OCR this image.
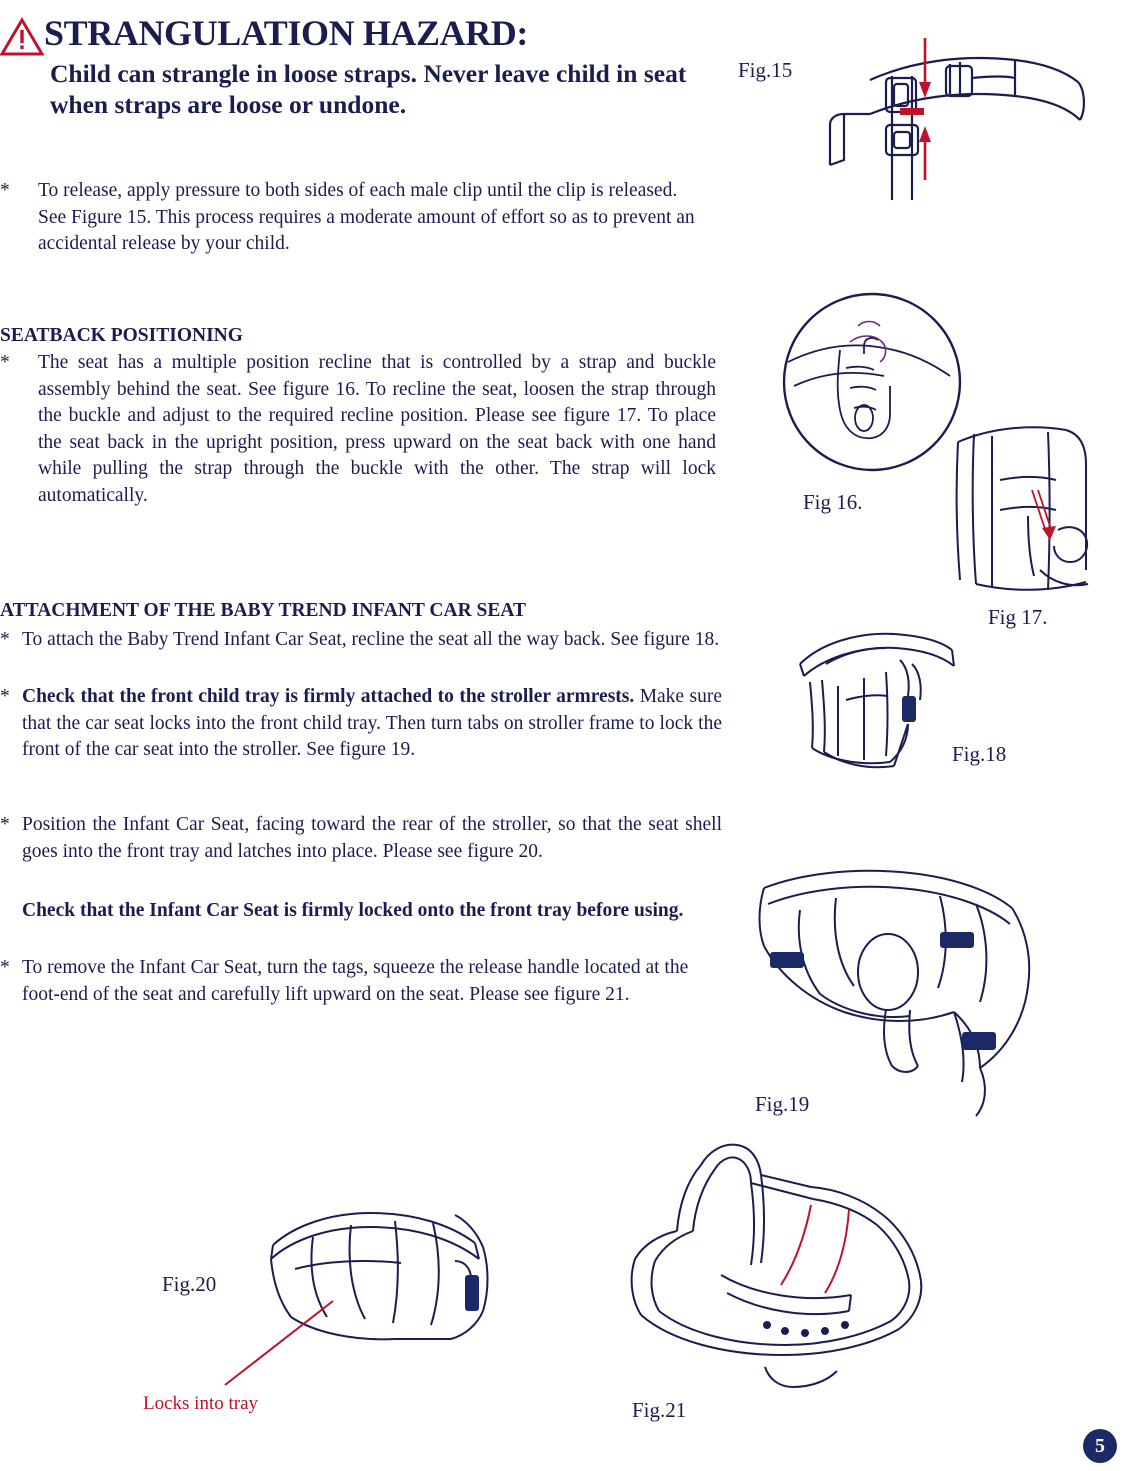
STRANGULATION HAZARD:
Child can strangle in loose straps. Never leave child in seat when straps are loose or undone.
*	To release, apply pressure to both sides of each male clip until the clip is released. See Figure 15. This process requires a moderate amount of effort so as to prevent an accidental release by your child.
SEATBACK POSITIONING
*	The seat has a multiple position recline that is controlled by a strap and buckle assembly behind the seat. See figure 16. To recline the seat, loosen the strap through the buckle and adjust to the required recline position. Please see figure 17. To place the seat back in the upright position, press upward on the seat back with one hand while pulling the strap through the buckle with the other. The strap will lock automatically.
ATTACHMENT OF THE BABY TREND INFANT CAR SEAT
* To attach the Baby Trend Infant Car Seat, recline the seat all the way back. See figure 18.
* Check that the front child tray is firmly attached to the stroller armrests. Make sure that the car seat locks into the front child tray. Then turn tabs on stroller frame to lock the front of the car seat into the stroller. See figure 19.
* Position the Infant Car Seat, facing toward the rear of the stroller, so that the seat shell goes into the front tray and latches into place. Please see figure 20.
Check that the Infant Car Seat is firmly locked onto the front tray before using.
* To remove the Infant Car Seat, turn the tags, squeeze the release handle located at the foot-end of the seat and carefully lift upward on the seat. Please see figure 21.
Fig.15
Fig 16.
Fig 17.
Fig.18
Fig.19
Fig.20
Locks into tray	Fig.21
5
